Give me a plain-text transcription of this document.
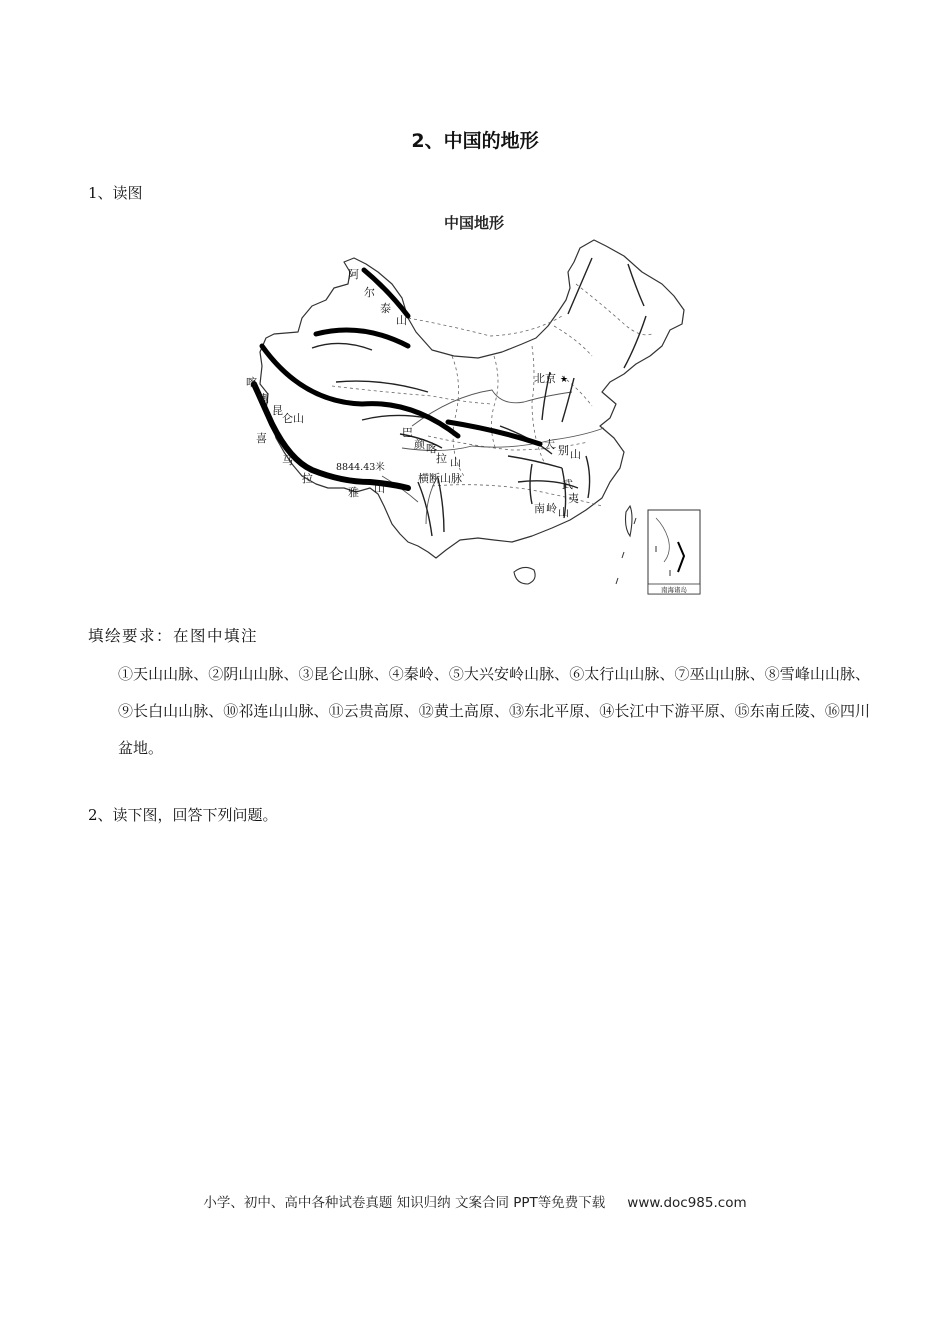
2、中国的地形

1、读图

中国地形
阿
尔
泰
山
喀
喇
昆
仑山
喜
马
拉
雅 山
8844.43米
巴
颜 喀
拉 山
横断山脉
北京
大 别 山
武
夷
山
南 岭
★
南海诸岛

填绘要求：在图中填注

①天山山脉、②阴山山脉、③昆仑山脉、④秦岭、⑤大兴安岭山脉、⑥太行山山脉、⑦巫山山脉、⑧雪峰山山脉、⑨长白山山脉、⑩祁连山山脉、⑪云贵高原、⑫黄土高原、⑬东北平原、⑭长江中下游平原、⑮东南丘陵、⑯四川盆地。

2、读下图，回答下列问题。

小学、初中、高中各种试卷真题 知识归纳 文案合同 PPT等免费下载 www.doc985.com
